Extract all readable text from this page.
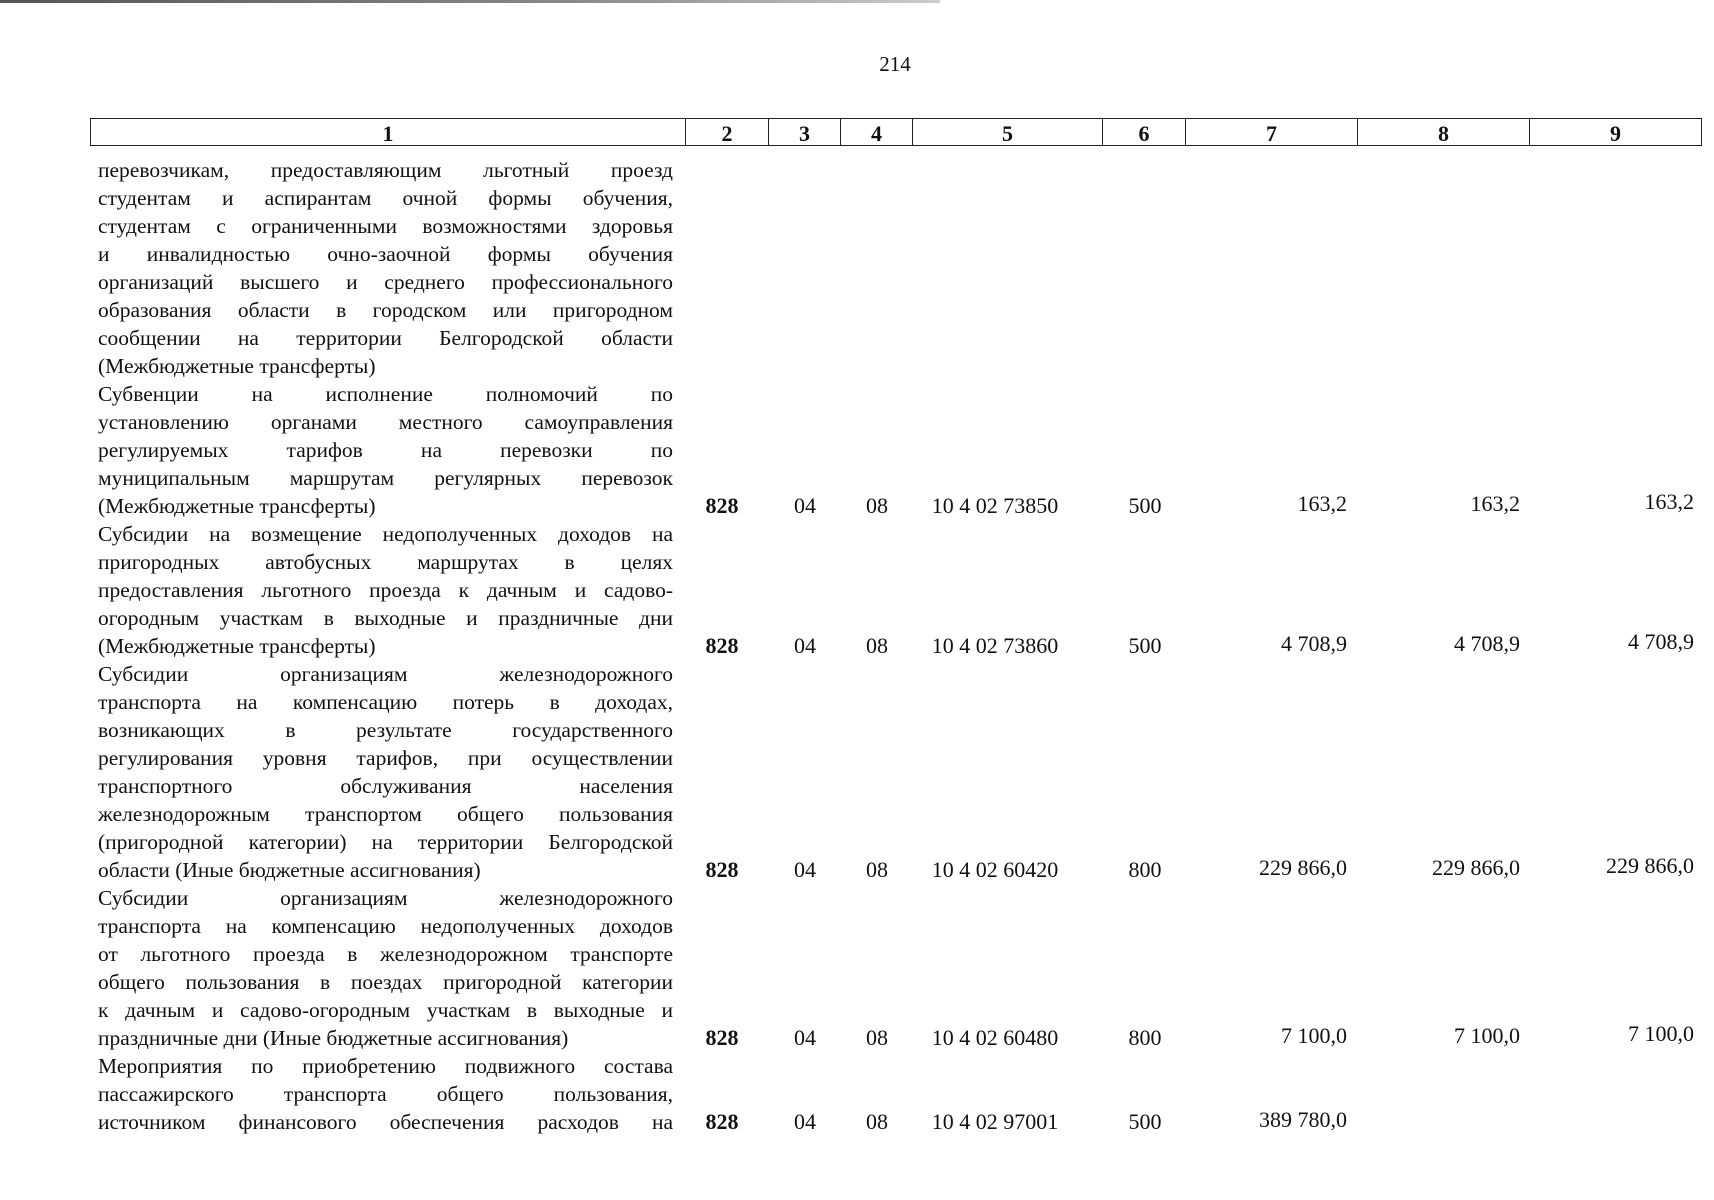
214
1	2	3	4	5	6	7	8	9
перевозчикам, предоставляющим льготный проезд
студентам и аспирантам очной формы обучения,
студентам с ограниченными возможностями здоровья
и инвалидностью очно-заочной формы обучения
организаций высшего и среднего профессионального
образования области в городском или пригородном
сообщении на территории Белгородской области
(Межбюджетные трансферты)
Субвенции на исполнение полномочий по
установлению органами местного самоуправления
регулируемых тарифов на перевозки по
муниципальным маршрутам регулярных перевозок
(Межбюджетные трансферты)	828	04	08	10 4 02 73850	500	163,2	163,2	163,2
Субсидии на возмещение недополученных доходов на
пригородных автобусных маршрутах в целях
предоставления льготного проезда к дачным и садово-
огородным участкам в выходные и праздничные дни
(Межбюджетные трансферты)	828	04	08	10 4 02 73860	500	4 708,9	4 708,9	4 708,9
Субсидии организациям железнодорожного
транспорта на компенсацию потерь в доходах,
возникающих в результате государственного
регулирования уровня тарифов, при осуществлении
транспортного обслуживания населения
железнодорожным транспортом общего пользования
(пригородной категории) на территории Белгородской
области (Иные бюджетные ассигнования)	828	04	08	10 4 02 60420	800	229 866,0	229 866,0	229 866,0
Субсидии организациям железнодорожного
транспорта на компенсацию недополученных доходов
от льготного проезда в железнодорожном транспорте
общего пользования в поездах пригородной категории
к дачным и садово-огородным участкам в выходные и
праздничные дни (Иные бюджетные ассигнования)	828	04	08	10 4 02 60480	800	7 100,0	7 100,0	7 100,0
Мероприятия по приобретению подвижного состава
пассажирского транспорта общего пользования,
источником финансового обеспечения расходов на 828	04	08	10 4 02 97001	500	389 780,0
